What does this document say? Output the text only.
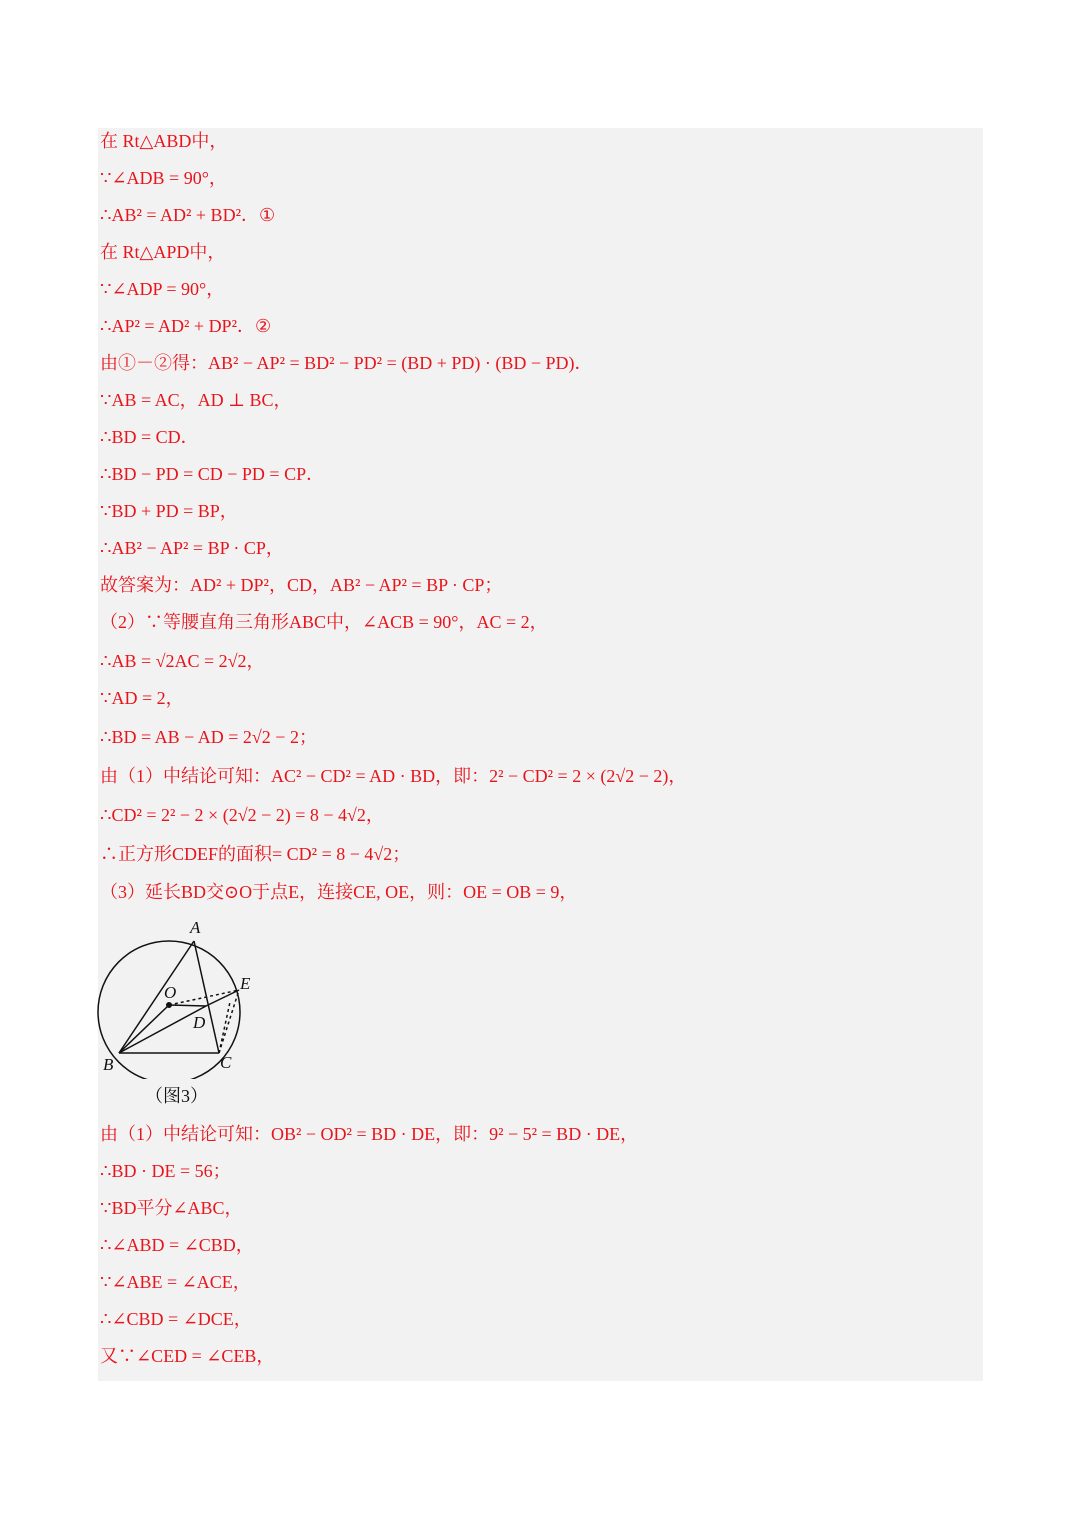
在 Rt△ABD中，
∵∠ADB = 90°，
∴AB² = AD² + BD²．①
在 Rt△APD中，
∵∠ADP = 90°，
∴AP² = AD² + DP²．②
由①－②得：AB² − AP² = BD² − PD² = (BD + PD) · (BD − PD)．
∵AB = AC，AD ⊥ BC，
∴BD = CD．
∴BD − PD = CD − PD = CP．
∵BD + PD = BP，
∴AB² − AP² = BP · CP，
故答案为：AD² + DP²，CD，AB² − AP² = BP · CP；
（2）∵等腰直角三角形ABC中，∠ACB = 90°，AC = 2，
∴AB = √2AC = 2√2，
∵AD = 2，
∴BD = AB − AD = 2√2 − 2；
由（1）中结论可知：AC² − CD² = AD · BD，即：2² − CD² = 2 × (2√2 − 2)，
∴CD² = 2² − 2 × (2√2 − 2) = 8 − 4√2，
∴正方形CDEF的面积= CD² = 8 − 4√2；
（3）延长BD交⊙O于点E，连接CE, OE，则：OE = OB = 9，
A
B	C
D
E
O
（图3）
由（1）中结论可知：OB² − OD² = BD · DE，即：9² − 5² = BD · DE，
∴BD · DE = 56；
∵BD平分∠ABC，
∴∠ABD = ∠CBD，
∵∠ABE = ∠ACE，
∴∠CBD = ∠DCE，
又∵∠CED = ∠CEB，
